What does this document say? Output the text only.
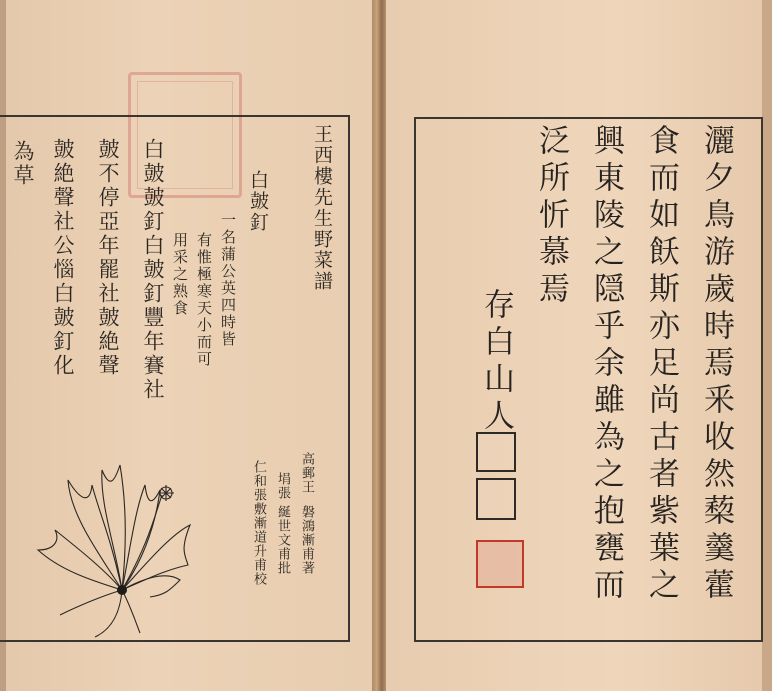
王西樓先生野菜譜
白皷釘
一名蒲公英四時皆
有惟極寒天小而可
用采之熟食
白皷
皷不停亞年罷社皷絶聲
皷絶聲社公惱白皷釘化
為草
高郵王
磐鴻漸甫著
埍張
綖世文甫批
仁和張敷漸道升甫校
皷釘白皷釘豐年賽社	灑夕鳥游歲時焉釆收然蔾羹藿
食而如飫斯亦足尚古者紫葉之
興東陵之隠乎余雖為之抱甕而
泛所忻慕焉
存白山人
